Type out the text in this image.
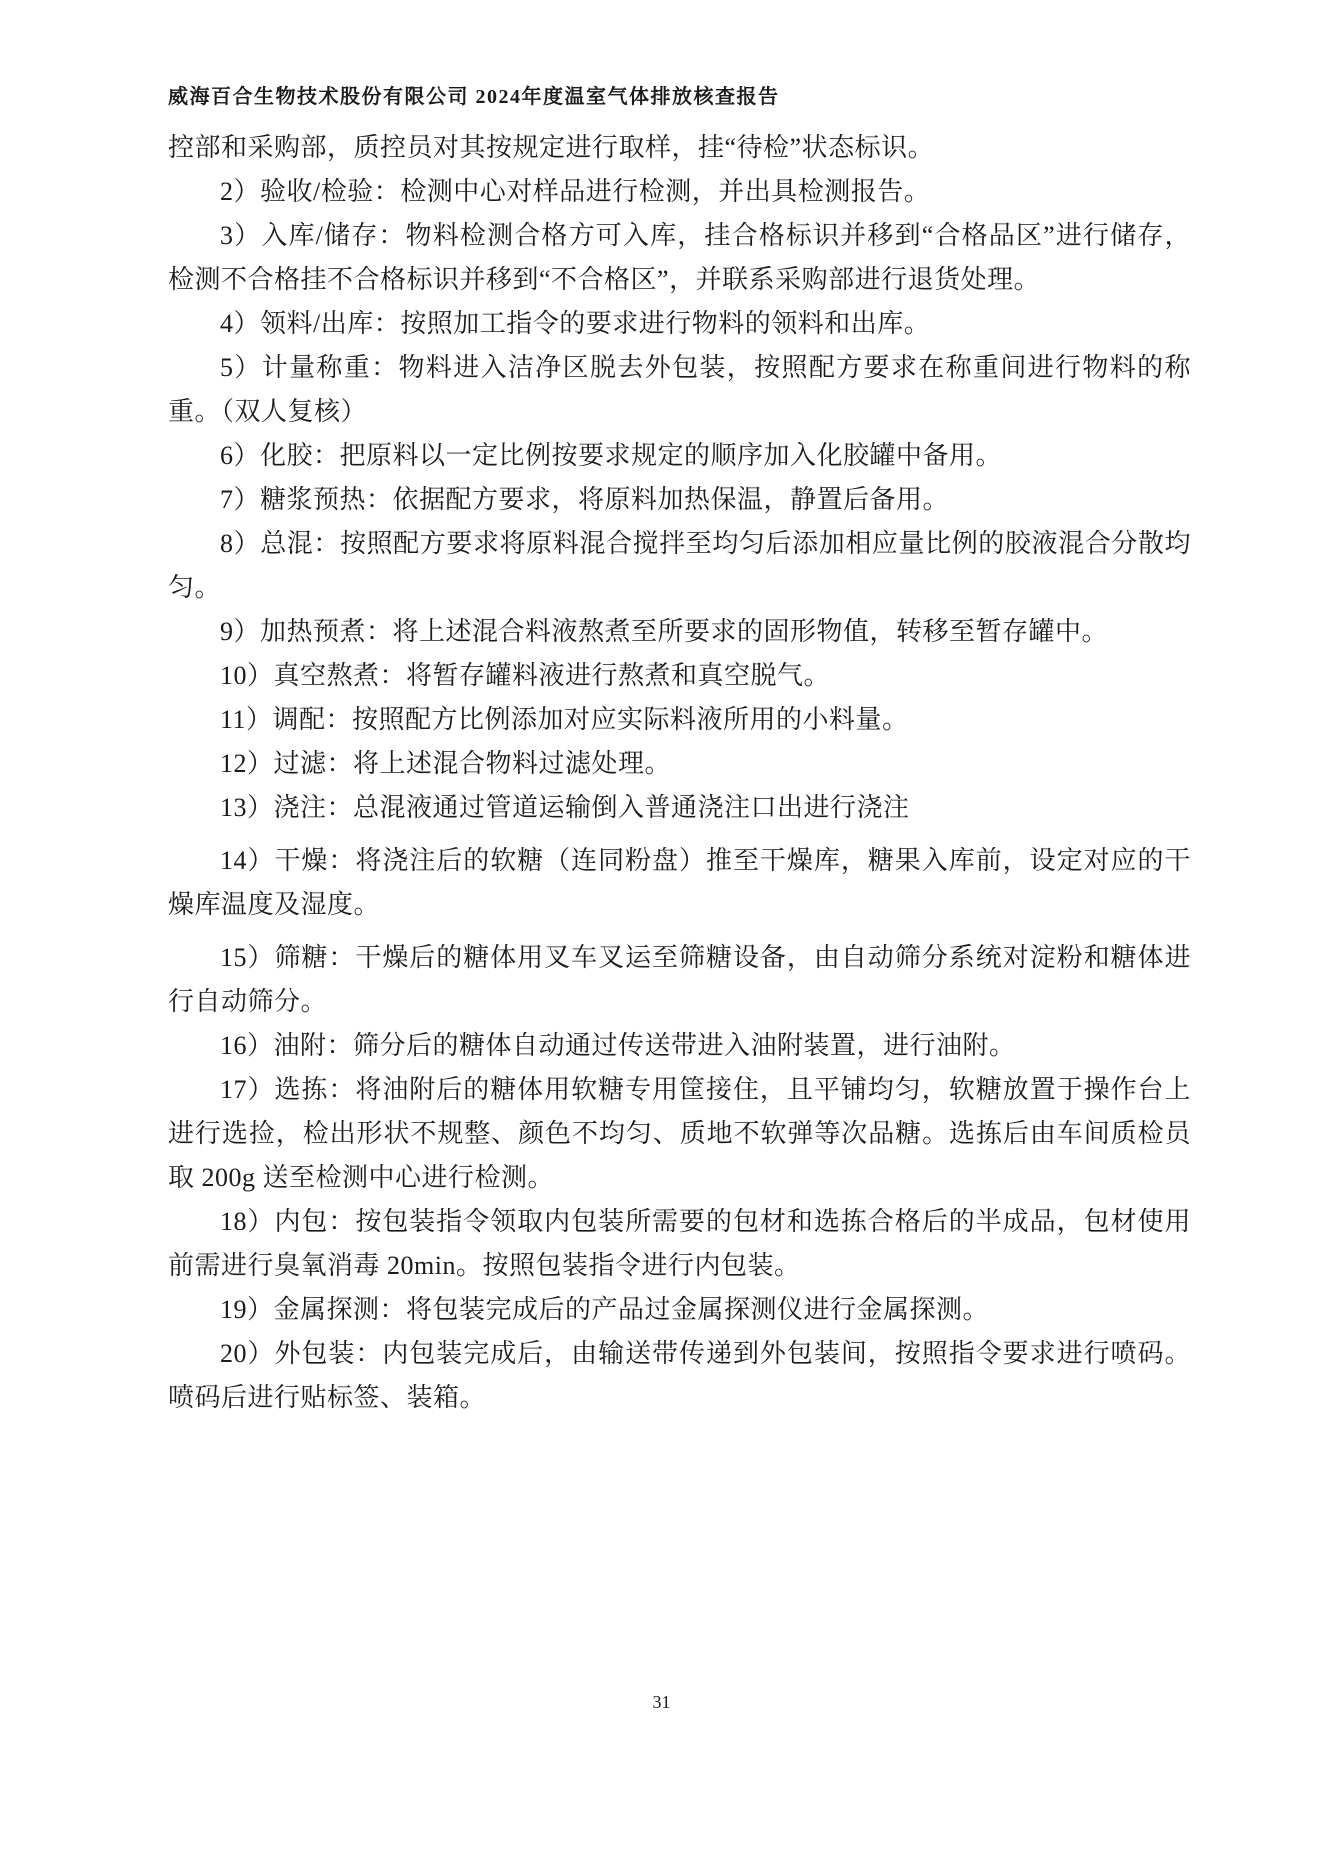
威海百合生物技术股份有限公司 2024年度温室气体排放核查报告

控部和采购部，质控员对其按规定进行取样，挂“待检”状态标识。

2）验收/检验：检测中心对样品进行检测，并出具检测报告。

3）入库/储存：物料检测合格方可入库，挂合格标识并移到“合格品区”进行储存，检测不合格挂不合格标识并移到“不合格区”，并联系采购部进行退货处理。

4）领料/出库：按照加工指令的要求进行物料的领料和出库。

5）计量称重：物料进入洁净区脱去外包装，按照配方要求在称重间进行物料的称重。（双人复核）

6）化胶：把原料以一定比例按要求规定的顺序加入化胶罐中备用。

7）糖浆预热：依据配方要求，将原料加热保温，静置后备用。

8）总混：按照配方要求将原料混合搅拌至均匀后添加相应量比例的胶液混合分散均匀。

9）加热预煮：将上述混合料液熬煮至所要求的固形物值，转移至暂存罐中。

10）真空熬煮：将暂存罐料液进行熬煮和真空脱气。

11）调配：按照配方比例添加对应实际料液所用的小料量。

12）过滤：将上述混合物料过滤处理。

13）浇注：总混液通过管道运输倒入普通浇注口出进行浇注

14）干燥：将浇注后的软糖（连同粉盘）推至干燥库，糖果入库前，设定对应的干燥库温度及湿度。

15）筛糖：干燥后的糖体用叉车叉运至筛糖设备，由自动筛分系统对淀粉和糖体进行自动筛分。

16）油附：筛分后的糖体自动通过传送带进入油附装置，进行油附。

17）选拣：将油附后的糖体用软糖专用筐接住，且平铺均匀，软糖放置于操作台上进行选捡，检出形状不规整、颜色不均匀、质地不软弹等次品糖。选拣后由车间质检员取 200g 送至检测中心进行检测。

18）内包：按包装指令领取内包装所需要的包材和选拣合格后的半成品，包材使用前需进行臭氧消毒 20min。按照包装指令进行内包装。

19）金属探测：将包装完成后的产品过金属探测仪进行金属探测。

20）外包装：内包装完成后，由输送带传递到外包装间，按照指令要求进行喷码。喷码后进行贴标签、装箱。

31
